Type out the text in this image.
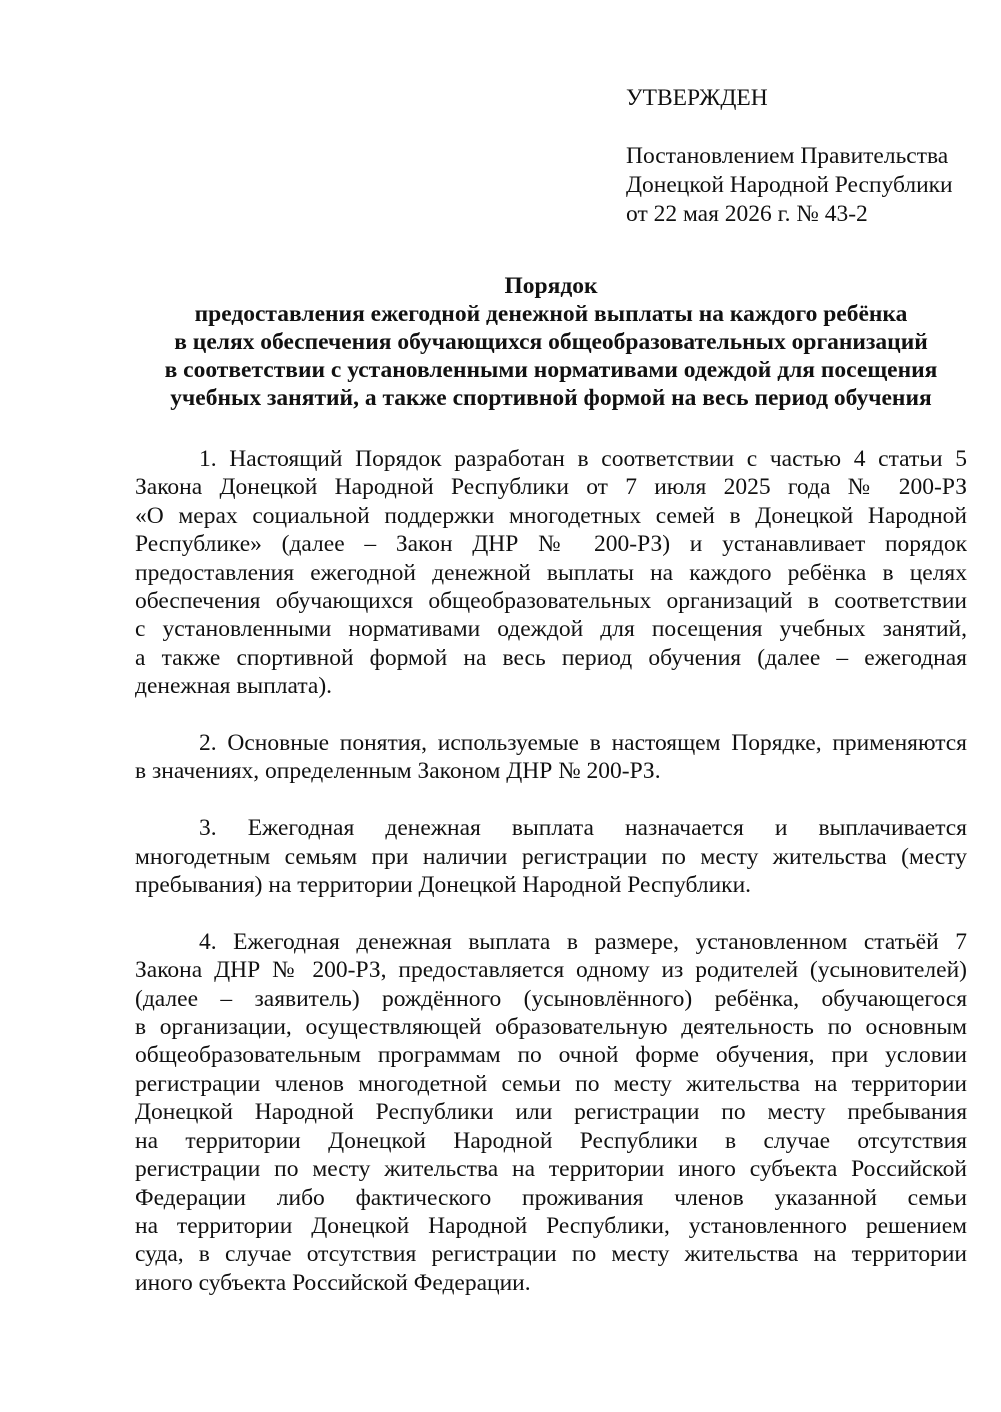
УТВЕРЖДЕН
Постановлением Правительства
Донецкой Народной Республики
от 22 мая 2026 г. № 43-2
Порядок
предоставления ежегодной денежной выплаты на каждого ребёнка
в целях обеспечения обучающихся общеобразовательных организаций
в соответствии с установленными нормативами одеждой для посещения
учебных занятий, а также спортивной формой на весь период обучения
1. Настоящий Порядок разработан в соответствии с частью 4 статьи 5
Закона Донецкой Народной Республики от 7 июля 2025 года № 200-РЗ
«О мерах социальной поддержки многодетных семей в Донецкой Народной
Республике» (далее – Закон ДНР № 200-РЗ) и устанавливает порядок
предоставления ежегодной денежной выплаты на каждого ребёнка в целях
обеспечения обучающихся общеобразовательных организаций в соответствии
с установленными нормативами одеждой для посещения учебных занятий,
а также спортивной формой на весь период обучения (далее – ежегодная
денежная выплата).
2. Основные понятия, используемые в настоящем Порядке, применяются
в значениях, определенным Законом ДНР № 200-РЗ.
3. Ежегодная денежная выплата назначается и выплачивается
многодетным семьям при наличии регистрации по месту жительства (месту
пребывания) на территории Донецкой Народной Республики.
4. Ежегодная денежная выплата в размере, установленном статьёй 7
Закона ДНР № 200-РЗ, предоставляется одному из родителей (усыновителей)
(далее – заявитель) рождённого (усыновлённого) ребёнка, обучающегося
в организации, осуществляющей образовательную деятельность по основным
общеобразовательным программам по очной форме обучения, при условии
регистрации членов многодетной семьи по месту жительства на территории
Донецкой Народной Республики или регистрации по месту пребывания
на территории Донецкой Народной Республики в случае отсутствия
регистрации по месту жительства на территории иного субъекта Российской
Федерации либо фактического проживания членов указанной семьи
на территории Донецкой Народной Республики, установленного решением
суда, в случае отсутствия регистрации по месту жительства на территории
иного субъекта Российской Федерации.
